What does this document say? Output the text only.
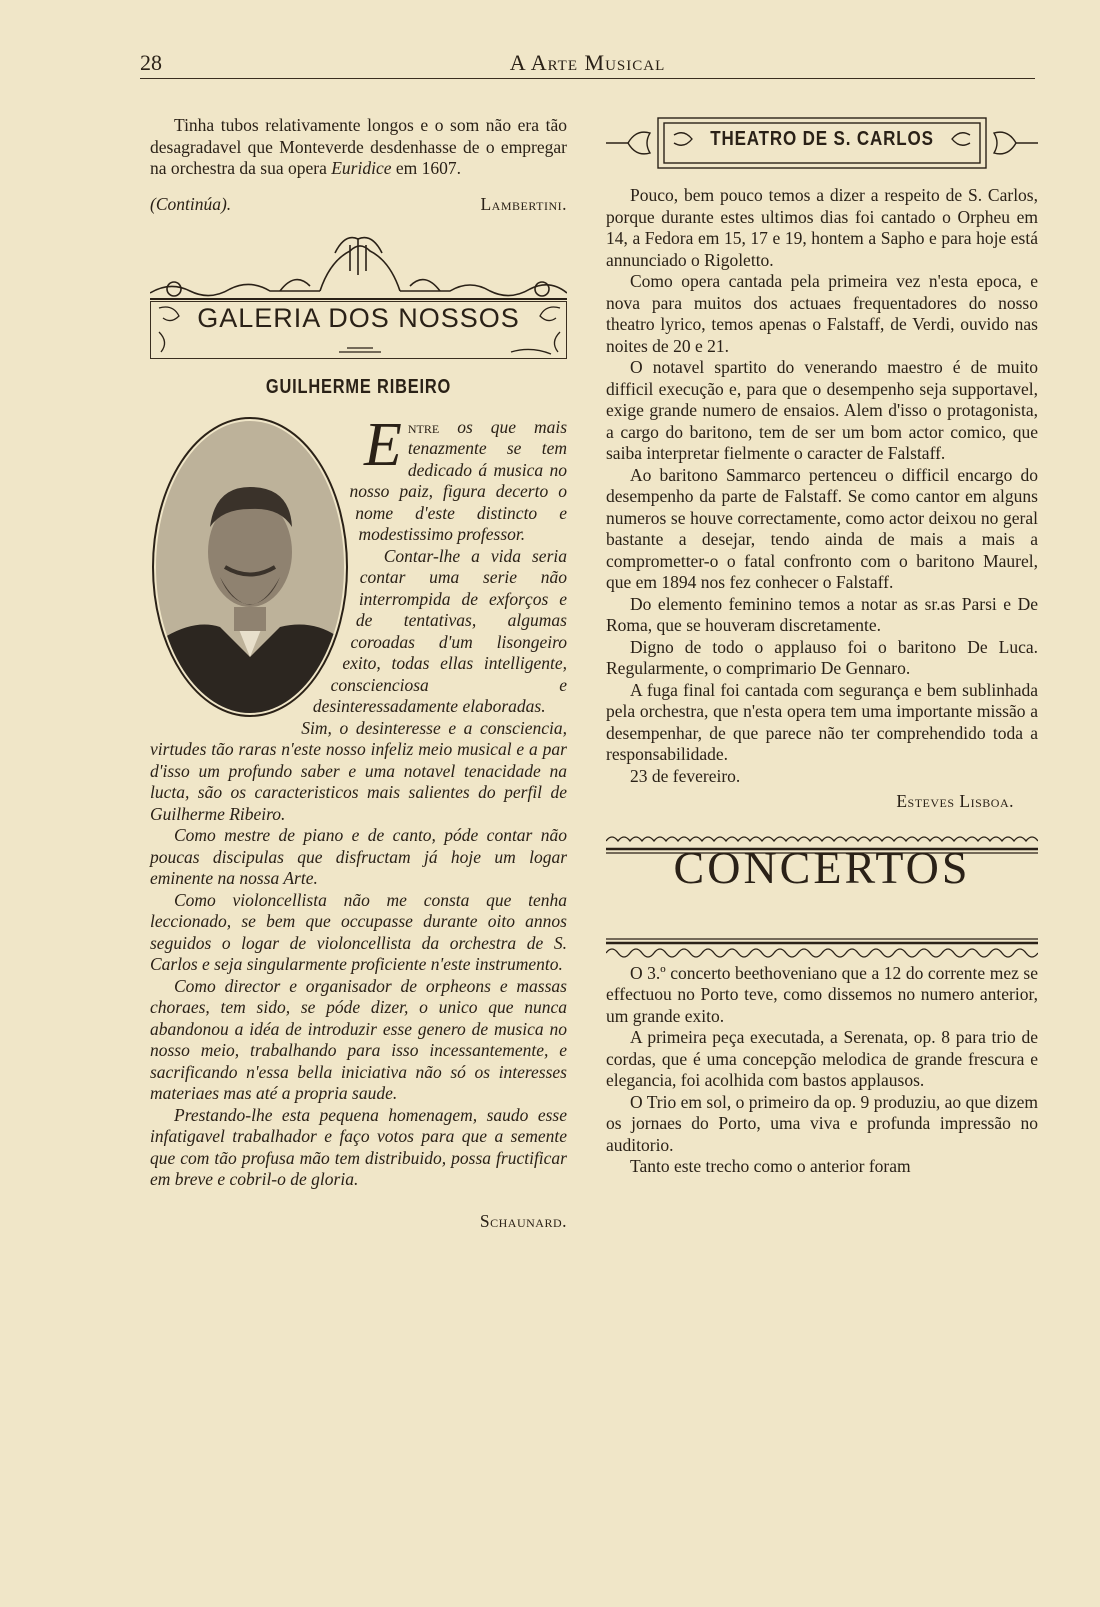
28	A Arte Musical

Tinha tubos relativamente longos e o som não era tão desagradavel que Monteverde desdenhasse de o empregar na orchestra da sua opera Euridice em 1607.

(Continúa).	Lambertini.
GALERIA DOS NOSSOS
GUILHERME RIBEIRO

Entre os que mais tenazmente se tem dedicado á musica no nosso paiz, figura decerto o nome d'este distincto e modestissimo professor.

Contar-lhe a vida seria contar uma serie não interrompida de exforços e de tentativas, algumas coroadas d'um lisongeiro exito, todas ellas intelligente, conscienciosa e desinteressadamente elaboradas.

Sim, o desinteresse e a consciencia, virtudes tão raras n'este nosso infeliz meio musical e a par d'isso um profundo saber e uma notavel tenacidade na lucta, são os caracteristicos mais salientes do perfil de Guilherme Ribeiro.

Como mestre de piano e de canto, póde contar não poucas discipulas que disfructam já hoje um logar eminente na nossa Arte.

Como violoncellista não me consta que tenha leccionado, se bem que occupasse durante oito annos seguidos o logar de violoncellista da orchestra de S. Carlos e seja singularmente proficiente n'este instrumento.

Como director e organisador de orpheons e massas choraes, tem sido, se póde dizer, o unico que nunca abandonou a idéa de introduzir esse genero de musica no nosso meio, trabalhando para isso incessantemente, e sacrificando n'essa bella iniciativa não só os interesses materiaes mas até a propria saude.

Prestando-lhe esta pequena homenagem, saudo esse infatigavel trabalhador e faço votos para que a semente que com tão profusa mão tem distribuido, possa fructificar em breve e cobril-o de gloria.

Schaunard.
THEATRO DE S. CARLOS

Pouco, bem pouco temos a dizer a respeito de S. Carlos, porque durante estes ultimos dias foi cantado o Orpheu em 14, a Fedora em 15, 17 e 19, hontem a Sapho e para hoje está annunciado o Rigoletto.

Como opera cantada pela primeira vez n'esta epoca, e nova para muitos dos actuaes frequentadores do nosso theatro lyrico, temos apenas o Falstaff, de Verdi, ouvido nas noites de 20 e 21.

O notavel spartito do venerando maestro é de muito difficil execução e, para que o desempenho seja supportavel, exige grande numero de ensaios. Alem d'isso o protagonista, a cargo do baritono, tem de ser um bom actor comico, que saiba interpretar fielmente o caracter de Falstaff.

Ao baritono Sammarco pertenceu o difficil encargo do desempenho da parte de Falstaff. Se como cantor em alguns numeros se houve correctamente, como actor deixou no geral bastante a desejar, tendo ainda de mais a mais a comprometter-o o fatal confronto com o baritono Maurel, que em 1894 nos fez conhecer o Falstaff.

Do elemento feminino temos a notar as sr.as Parsi e De Roma, que se houveram discretamente.

Digno de todo o applauso foi o baritono De Luca. Regularmente, o comprimario De Gennaro.

A fuga final foi cantada com segurança e bem sublinhada pela orchestra, que n'esta opera tem uma importante missão a desempenhar, de que parece não ter comprehendido toda a responsabilidade.

23 de fevereiro.

Esteves Lisboa.
CONCERTOS

O 3.º concerto beethoveniano que a 12 do corrente mez se effectuou no Porto teve, como dissemos no numero anterior, um grande exito.

A primeira peça executada, a Serenata, op. 8 para trio de cordas, que é uma concepção melodica de grande frescura e elegancia, foi acolhida com bastos applausos.

O Trio em sol, o primeiro da op. 9 produziu, ao que dizem os jornaes do Porto, uma viva e profunda impressão no auditorio.

Tanto este trecho como o anterior foram
